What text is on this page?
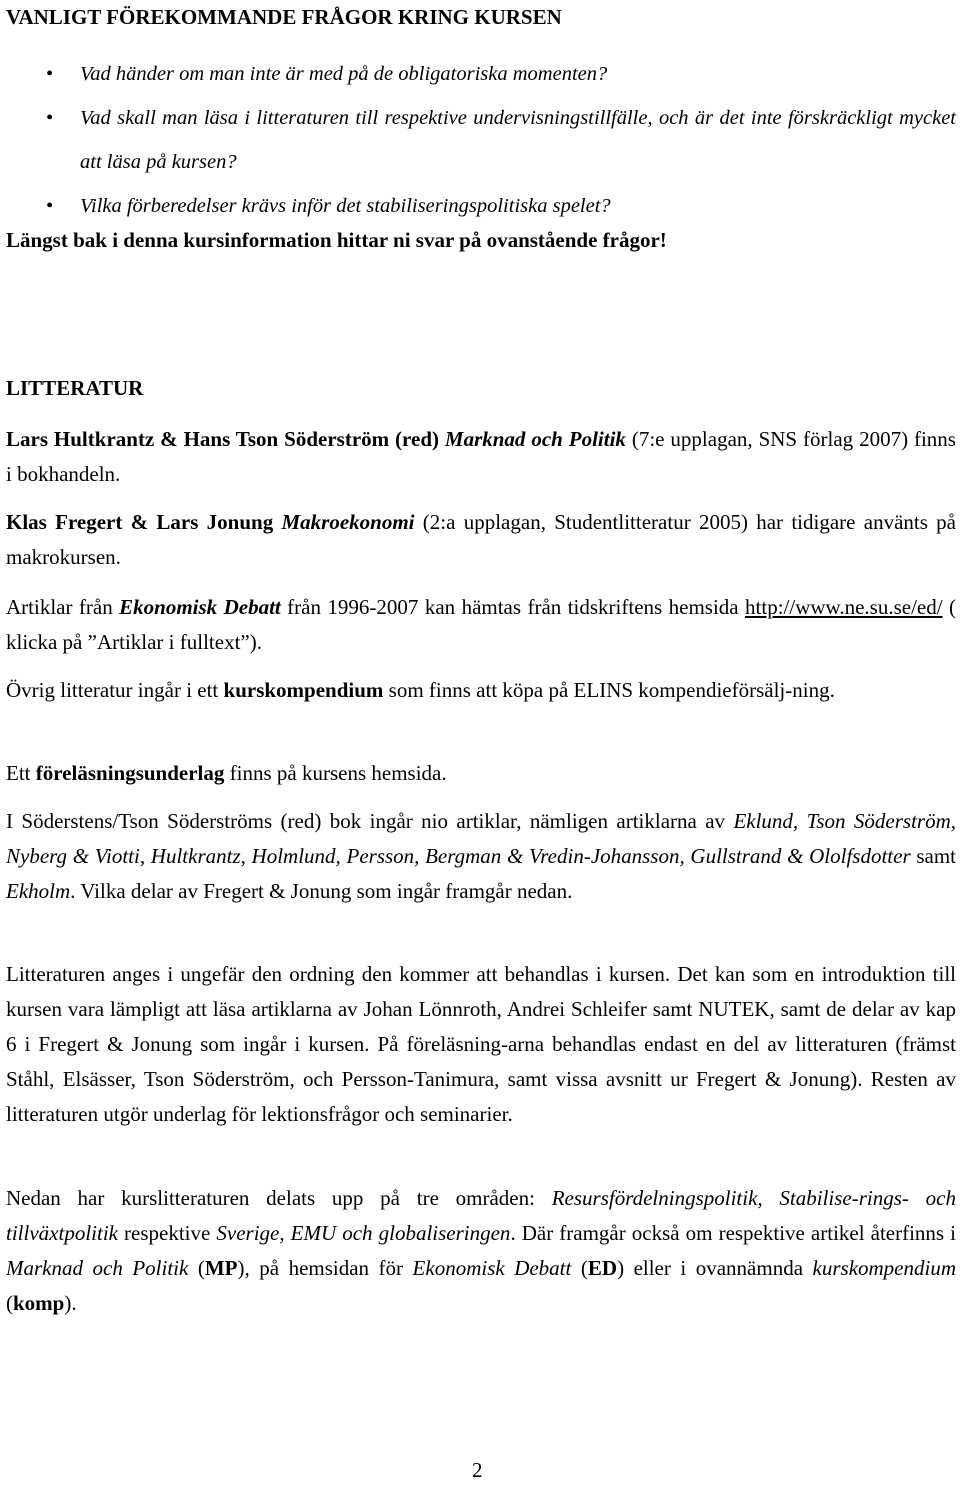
VANLIGT FÖREKOMMANDE FRÅGOR KRING KURSEN
• Vad händer om man inte är med på de obligatoriska momenten?
• Vad skall man läsa i litteraturen till respektive undervisningstillfälle, och är det inte förskräckligt mycket att läsa på kursen?
• Vilka förberedelser krävs inför det stabiliseringspolitiska spelet?
Längst bak i denna kursinformation hittar ni svar på ovanstående frågor!
LITTERATUR
Lars Hultkrantz & Hans Tson Söderström (red) Marknad och Politik (7:e upplagan, SNS förlag 2007) finns i bokhandeln.
Klas Fregert & Lars Jonung Makroekonomi (2:a upplagan, Studentlitteratur 2005) har tidigare använts på makrokursen.
Artiklar från Ekonomisk Debatt från 1996-2007 kan hämtas från tidskriftens hemsida http://www.ne.su.se/ed/ ( klicka på ”Artiklar i fulltext”).
Övrig litteratur ingår i ett kurskompendium som finns att köpa på ELINS kompendieförsälj-ning.
Ett föreläsningsunderlag finns på kursens hemsida.
I Söderstens/Tson Söderströms (red) bok ingår nio artiklar, nämligen artiklarna av Eklund, Tson Söderström, Nyberg & Viotti, Hultkrantz, Holmlund, Persson, Bergman & Vredin-Johansson, Gullstrand & Ololfsdotter samt Ekholm. Vilka delar av Fregert & Jonung som ingår framgår nedan.
Litteraturen anges i ungefär den ordning den kommer att behandlas i kursen. Det kan som en introduktion till kursen vara lämpligt att läsa artiklarna av Johan Lönnroth, Andrei Schleifer samt NUTEK, samt de delar av kap 6 i Fregert & Jonung som ingår i kursen. På föreläsning-arna behandlas endast en del av litteraturen (främst Ståhl, Elsässer, Tson Söderström, och Persson-Tanimura, samt vissa avsnitt ur Fregert & Jonung). Resten av litteraturen utgör underlag för lektionsfrågor och seminarier.
Nedan har kurslitteraturen delats upp på tre områden: Resursfördelningspolitik, Stabilise-rings- och tillväxtpolitik respektive Sverige, EMU och globaliseringen. Där framgår också om respektive artikel återfinns i Marknad och Politik (MP), på hemsidan för Ekonomisk Debatt (ED) eller i ovannämnda kurskompendium (komp).
2
